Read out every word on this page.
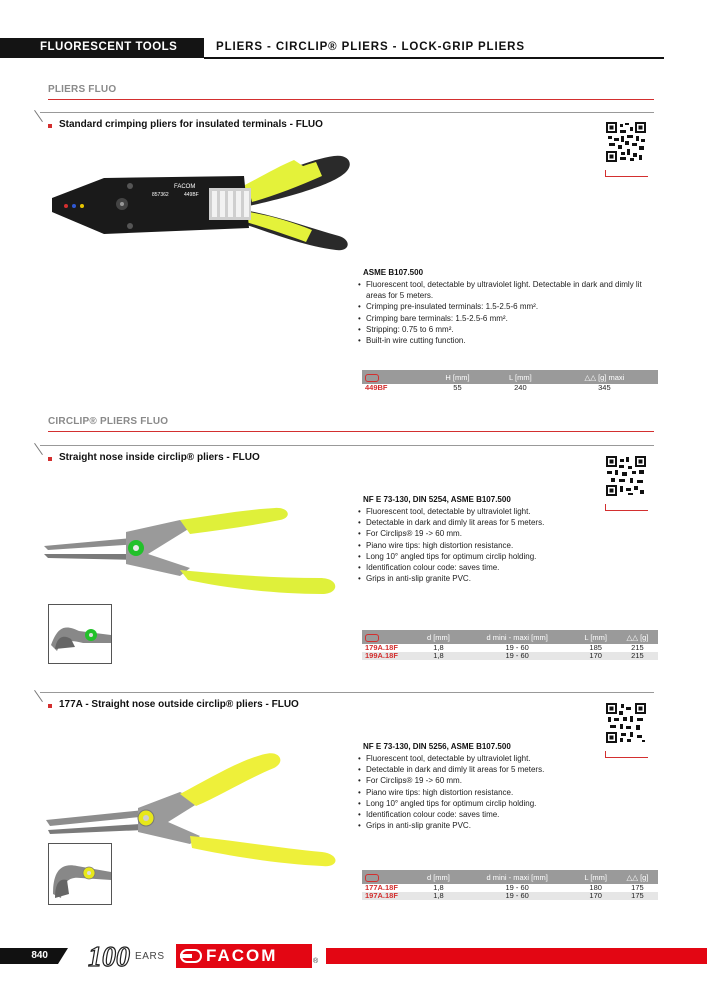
FLUORESCENT TOOLS	PLIERS - CIRCLIP® PLIERS - LOCK-GRIP PLIERS
PLIERS FLUO
Standard crimping pliers for insulated terminals - FLUO
FACOM
857362	449BF
ASME B107.500
• Fluorescent tool, detectable by ultraviolet light. Detectable in dark and dimly lit areas for 5 meters.
• Crimping pre-insulated terminals: 1.5-2.5-6 mm².
• Crimping bare terminals: 1.5-2.5-6 mm².
• Stripping: 0.75 to 6 mm².
• Built-in wire cutting function.
	H [mm]	L [mm]	△△ [g] maxi
449BF	55	240	345
CIRCLIP® PLIERS FLUO
Straight nose inside circlip® pliers - FLUO
NF E 73-130, DIN 5254, ASME B107.500
• Fluorescent tool, detectable by ultraviolet light.
• Detectable in dark and dimly lit areas for 5 meters.
• For Circlips® 19 -> 60 mm.
• Piano wire tips: high distortion resistance.
• Long 10° angled tips for optimum circlip holding.
• Identification colour code: saves time.
• Grips in anti-slip granite PVC.
	d [mm]	d mini - maxi [mm]	L [mm]	△△ [g]
179A.18F	1,8	19 - 60	185	215
199A.18F	1,8	19 - 60	170	215
177A - Straight nose outside circlip® pliers - FLUO
NF E 73-130, DIN 5256, ASME B107.500
• Fluorescent tool, detectable by ultraviolet light.
• Detectable in dark and dimly lit areas for 5 meters.
• For Circlips® 19 -> 60 mm.
• Piano wire tips: high distortion resistance.
• Long 10° angled tips for optimum circlip holding.
• Identification colour code: saves time.
• Grips in anti-slip granite PVC.
	d [mm]	d mini - maxi [mm]	L [mm]	△△ [g]
177A.18F	1,8	19 - 60	180	175
197A.18F	1,8	19 - 60	170	175
840 100 EARS FACOM	®
